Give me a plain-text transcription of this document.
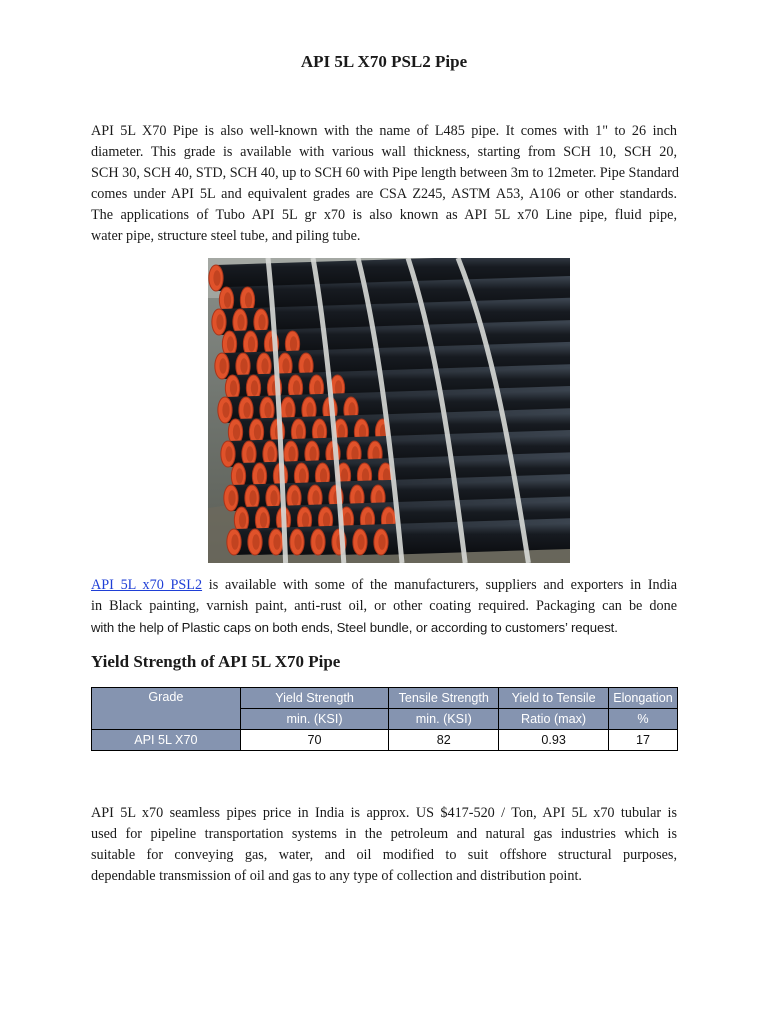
API 5L X70 PSL2 Pipe
API 5L X70 Pipe is also well-known with the name of L485 pipe. It comes with 1" to 26 inch
diameter. This grade is available with various wall thickness, starting from SCH 10, SCH 20,
SCH 30, SCH 40, STD, SCH 40, up to SCH 60 with Pipe length between 3m to 12meter. Pipe Standard
comes under API 5L and equivalent grades are CSA Z245, ASTM A53, A106 or other standards.
The applications of Tubo API 5L gr x70 is also known as API 5L x70 Line pipe, fluid pipe,
water pipe, structure steel tube, and piling tube.
API 5L x70 PSL2 is available with some of the manufacturers, suppliers and exporters in India
in Black painting, varnish paint, anti-rust oil, or other coating required. Packaging can be done
with the help of Plastic caps on both ends, Steel bundle, or according to customers’ request.
Yield Strength of API 5L X70 Pipe
Grade	Yield Strength	Tensile Strength	Yield to Tensile	Elongation
	min. (KSI)	min. (KSI)	Ratio (max)	%
API 5L X70	70	82	0.93	17
API 5L x70 seamless pipes price in India is approx. US $417-520 / Ton, API 5L x70 tubular is
used for pipeline transportation systems in the petroleum and natural gas industries which is
suitable for conveying gas, water, and oil modified to suit offshore structural purposes,
dependable transmission of oil and gas to any type of collection and distribution point.
